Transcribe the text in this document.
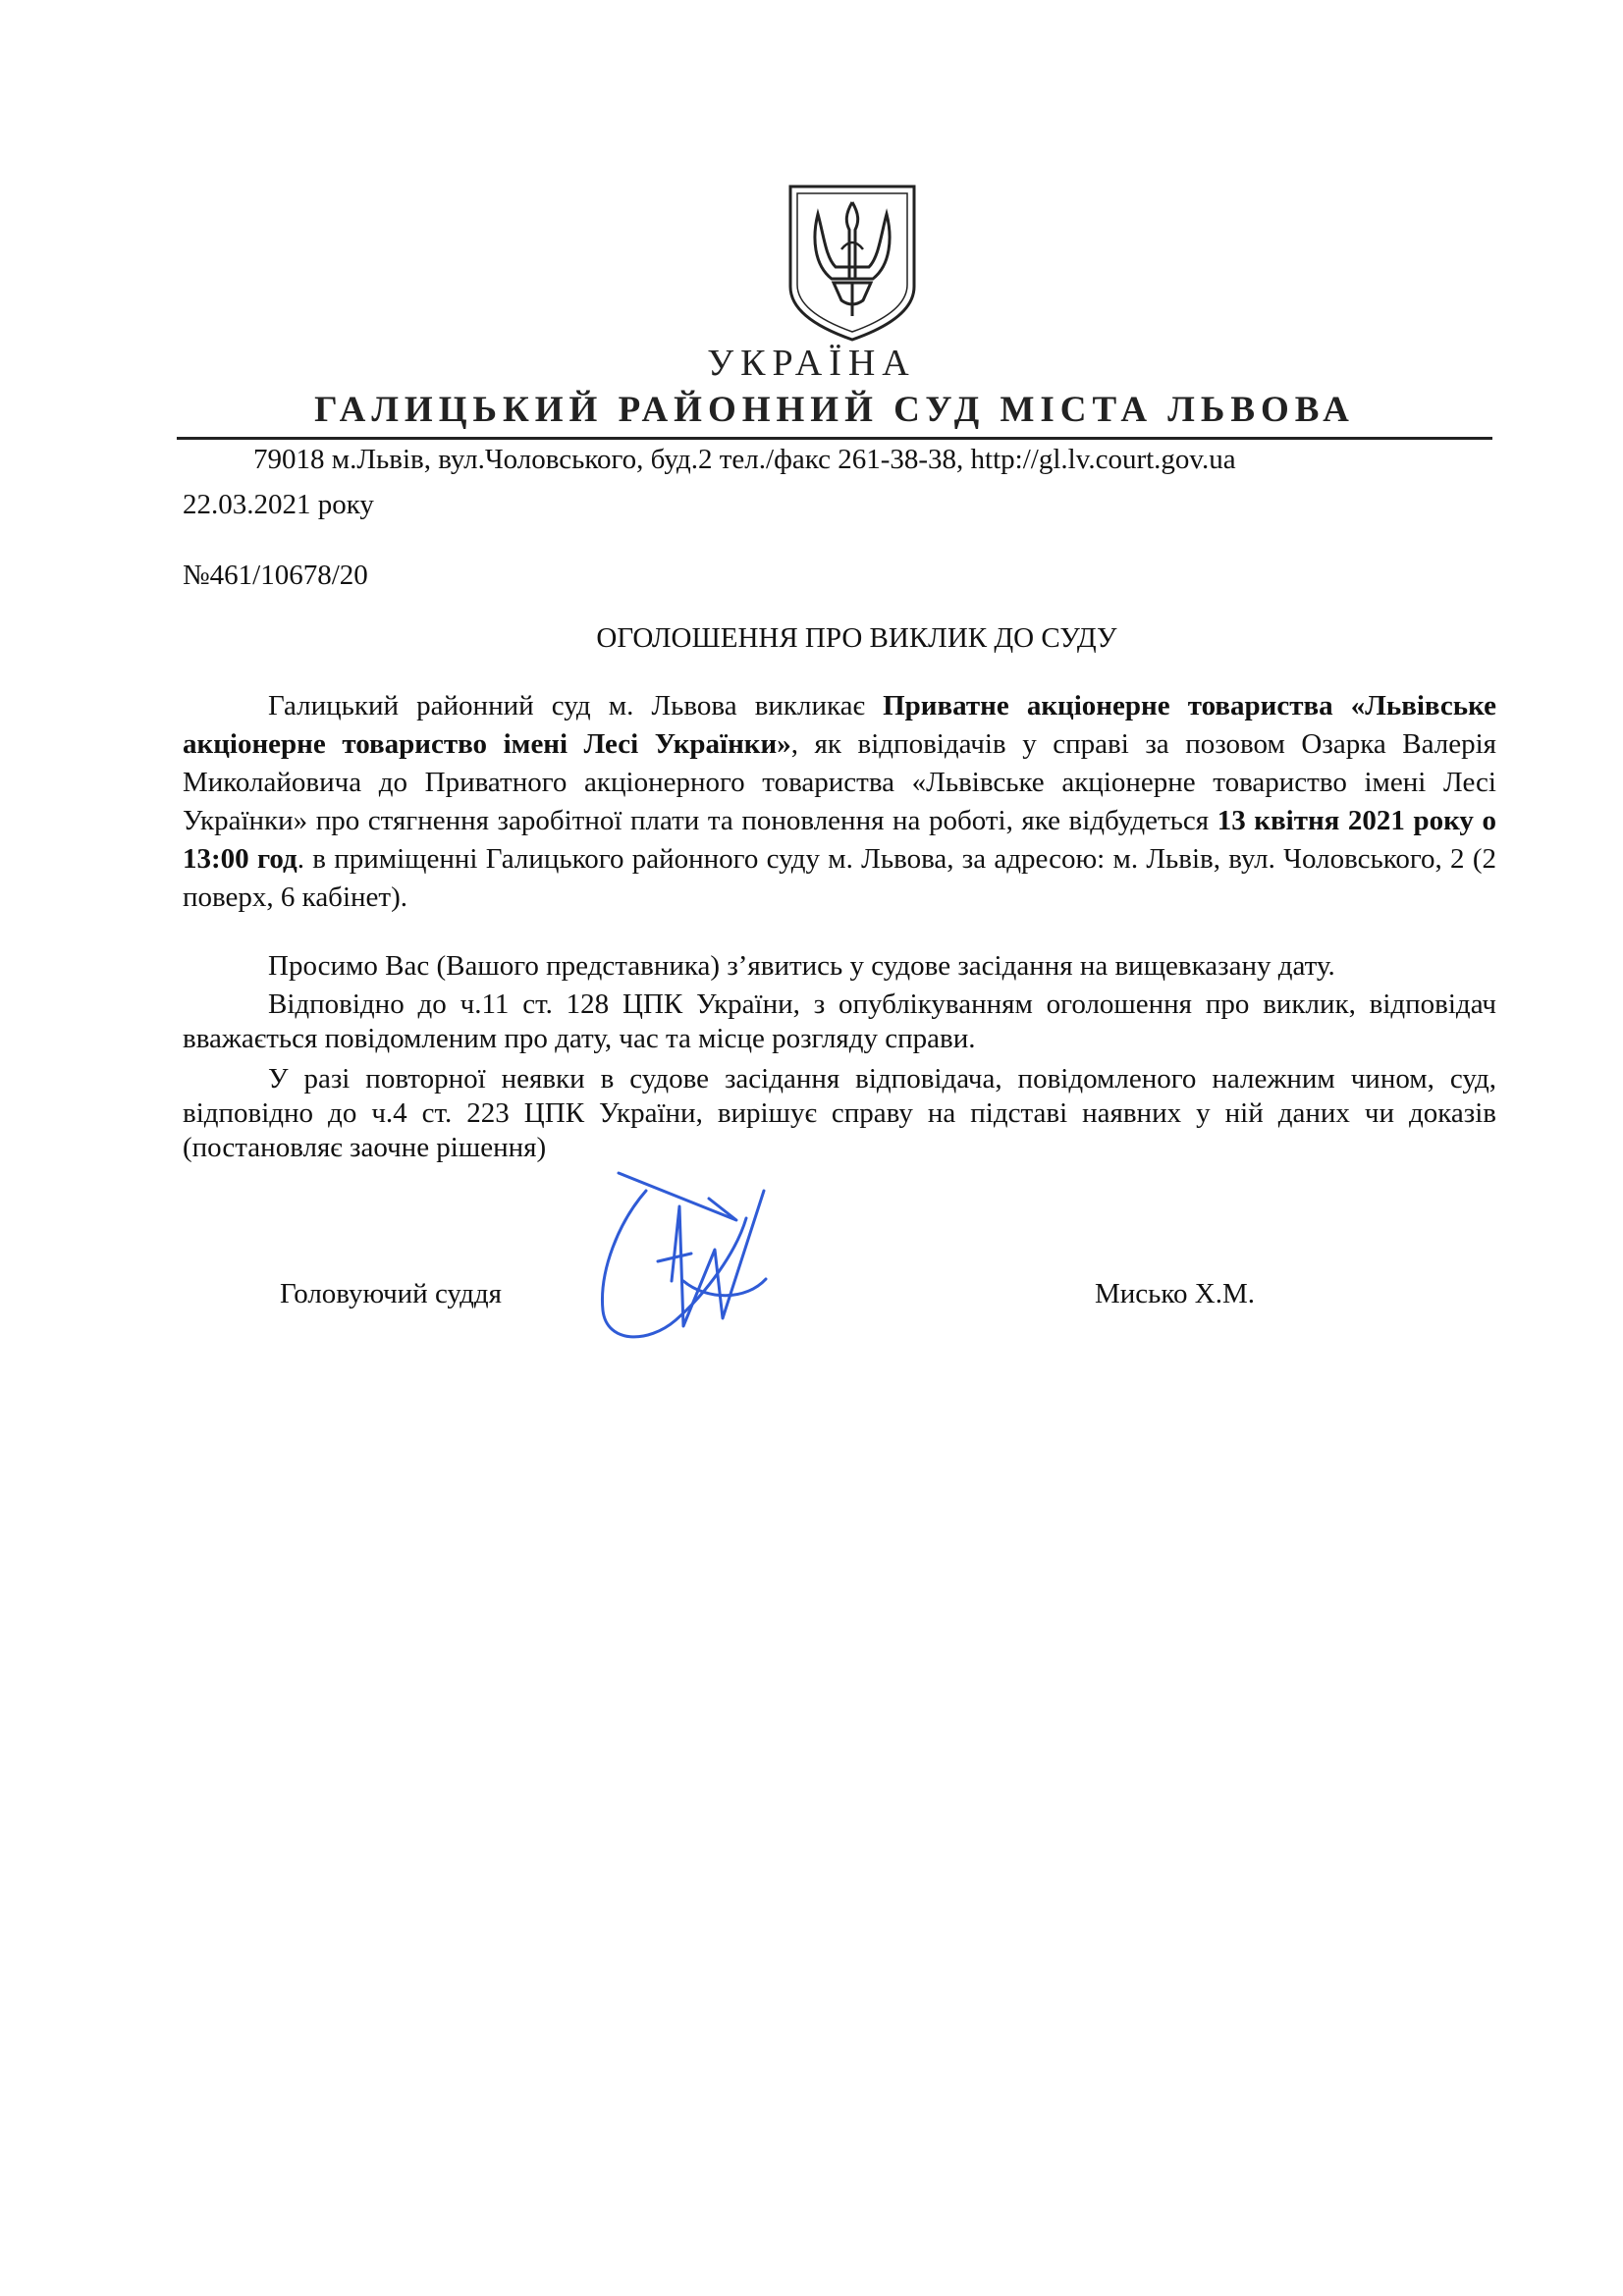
УКРАЇНА
ГАЛИЦЬКИЙ РАЙОННИЙ СУД МІСТА ЛЬВОВА
79018 м.Львів, вул.Чоловського, буд.2 тел./факс 261-38-38, http://gl.lv.court.gov.ua
22.03.2021 року
№461/10678/20
ОГОЛОШЕННЯ ПРО ВИКЛИК ДО СУДУ
Галицький районний суд м. Львова викликає Приватне акціонерне товариства «Львівське акціонерне товариство імені Лесі Українки», як відповідачів у справі за позовом Озарка Валерія Миколайовича до Приватного акціонерного товариства «Львівське акціонерне товариство імені Лесі Українки» про стягнення заробітної плати та поновлення на роботі, яке відбудеться 13 квітня 2021 року о 13:00 год. в приміщенні Галицького районного суду м. Львова, за адресою: м. Львів, вул. Чоловського, 2 (2 поверх, 6 кабінет).
Просимо Вас (Вашого представника) з’явитись у судове засідання на вищевказану дату.
Відповідно до ч.11 ст. 128 ЦПК України, з опублікуванням оголошення про виклик, відповідач вважається повідомленим про дату, час та місце розгляду справи.
У разі повторної неявки в судове засідання відповідача, повідомленого належним чином, суд, відповідно до ч.4 ст. 223 ЦПК України, вирішує справу на підставі наявних у ній даних чи доказів (постановляє заочне рішення)
Головуючий суддя	Мисько Х.М.
